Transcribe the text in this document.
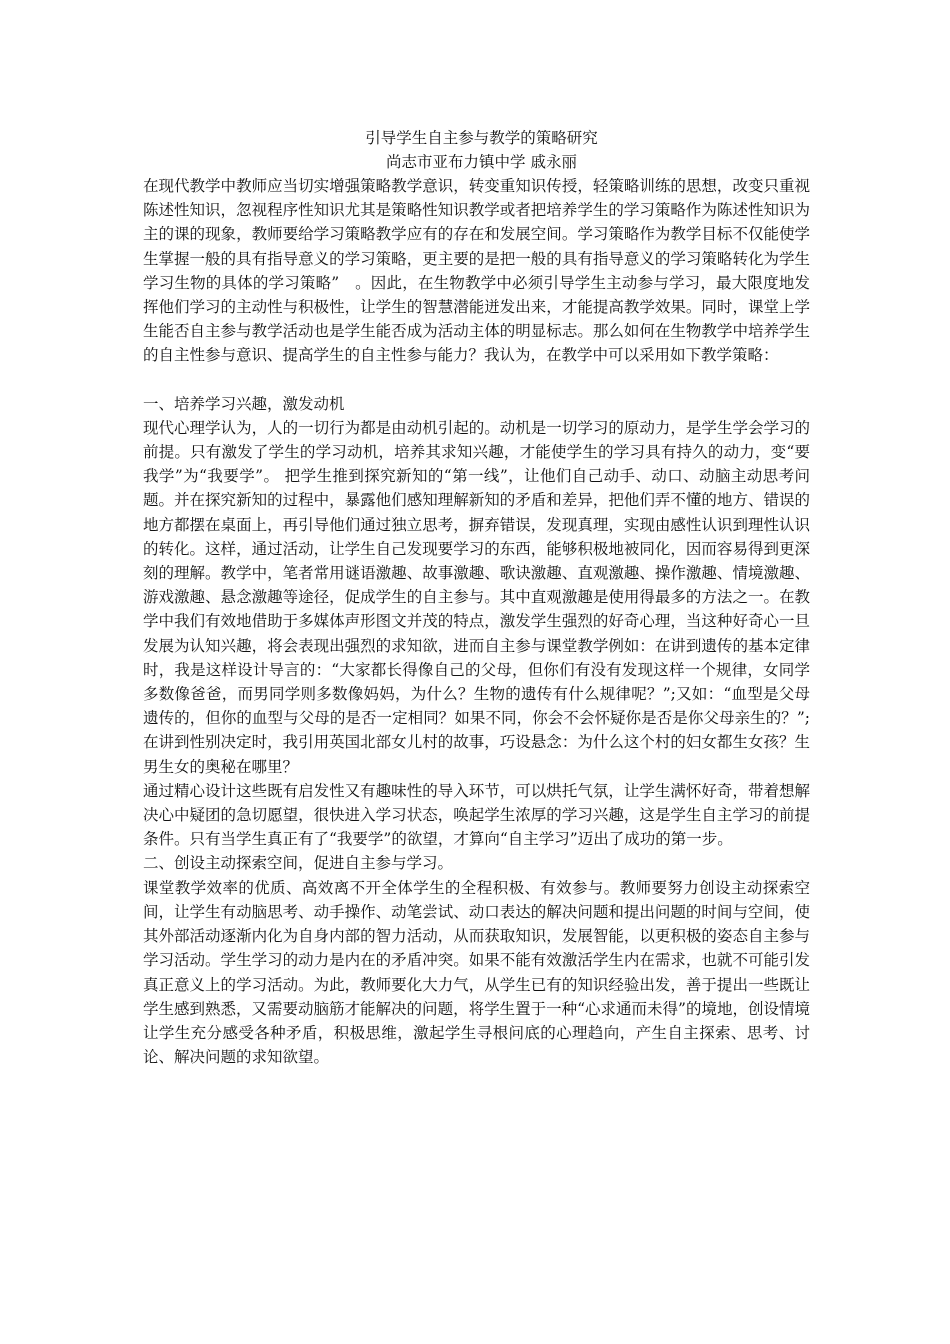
引导学生自主参与教学的策略研究

尚志市亚布力镇中学 戚永丽

在现代教学中教师应当切实增强策略教学意识，转变重知识传授，轻策略训练的思想，改变只重视陈述性知识，忽视程序性知识尤其是策略性知识教学或者把培养学生的学习策略作为陈述性知识为主的课的现象，教师要给学习策略教学应有的存在和发展空间。学习策略作为教学目标不仅能使学生掌握一般的具有指导意义的学习策略，更主要的是把一般的具有指导意义的学习策略转化为学生学习生物的具体的学习策略”　。因此，在生物教学中必须引导学生主动参与学习，最大限度地发挥他们学习的主动性与积极性，让学生的智慧潜能迸发出来，才能提高教学效果。同时，课堂上学生能否自主参与教学活动也是学生能否成为活动主体的明显标志。那么如何在生物教学中培养学生的自主性参与意识、提高学生的自主性参与能力？我认为，在教学中可以采用如下教学策略：

一、培养学习兴趣，激发动机

现代心理学认为，人的一切行为都是由动机引起的。动机是一切学习的原动力，是学生学会学习的前提。只有激发了学生的学习动机，培养其求知兴趣，才能使学生的学习具有持久的动力，变“要我学”为“我要学”。 把学生推到探究新知的“第一线”，让他们自己动手、动口、动脑主动思考问题。并在探究新知的过程中，暴露他们感知理解新知的矛盾和差异，把他们弄不懂的地方、错误的地方都摆在桌面上，再引导他们通过独立思考，摒弃错误，发现真理，实现由感性认识到理性认识的转化。这样，通过活动，让学生自己发现要学习的东西，能够积极地被同化，因而容易得到更深刻的理解。教学中，笔者常用谜语激趣、故事激趣、歌诀激趣、直观激趣、操作激趣、情境激趣、游戏激趣、悬念激趣等途径，促成学生的自主参与。其中直观激趣是使用得最多的方法之一。在教学中我们有效地借助于多媒体声形图文并茂的特点，激发学生强烈的好奇心理，当这种好奇心一旦发展为认知兴趣，将会表现出强烈的求知欲，进而自主参与课堂教学例如：在讲到遗传的基本定律时，我是这样设计导言的：“大家都长得像自己的父母，但你们有没有发现这样一个规律，女同学多数像爸爸，而男同学则多数像妈妈，为什么？生物的遗传有什么规律呢？”;又如：“血型是父母遗传的，但你的血型与父母的是否一定相同？如果不同，你会不会怀疑你是否是你父母亲生的？”;在讲到性别决定时，我引用英国北部女儿村的故事，巧设悬念：为什么这个村的妇女都生女孩？生男生女的奥秘在哪里？

通过精心设计这些既有启发性又有趣味性的导入环节，可以烘托气氛，让学生满怀好奇，带着想解决心中疑团的急切愿望，很快进入学习状态，唤起学生浓厚的学习兴趣，这是学生自主学习的前提条件。只有当学生真正有了“我要学”的欲望，才算向“自主学习”迈出了成功的第一步。

二、创设主动探索空间，促进自主参与学习。

课堂教学效率的优质、高效离不开全体学生的全程积极、有效参与。教师要努力创设主动探索空间，让学生有动脑思考、动手操作、动笔尝试、动口表达的解决问题和提出问题的时间与空间，使其外部活动逐渐内化为自身内部的智力活动，从而获取知识，发展智能，以更积极的姿态自主参与学习活动。学生学习的动力是内在的矛盾冲突。如果不能有效激活学生内在需求，也就不可能引发真正意义上的学习活动。为此，教师要化大力气，从学生已有的知识经验出发，善于提出一些既让学生感到熟悉，又需要动脑筋才能解决的问题，将学生置于一种“心求通而未得”的境地，创设情境让学生充分感受各种矛盾，积极思维，激起学生寻根问底的心理趋向，产生自主探索、思考、讨论、解决问题的求知欲望。
